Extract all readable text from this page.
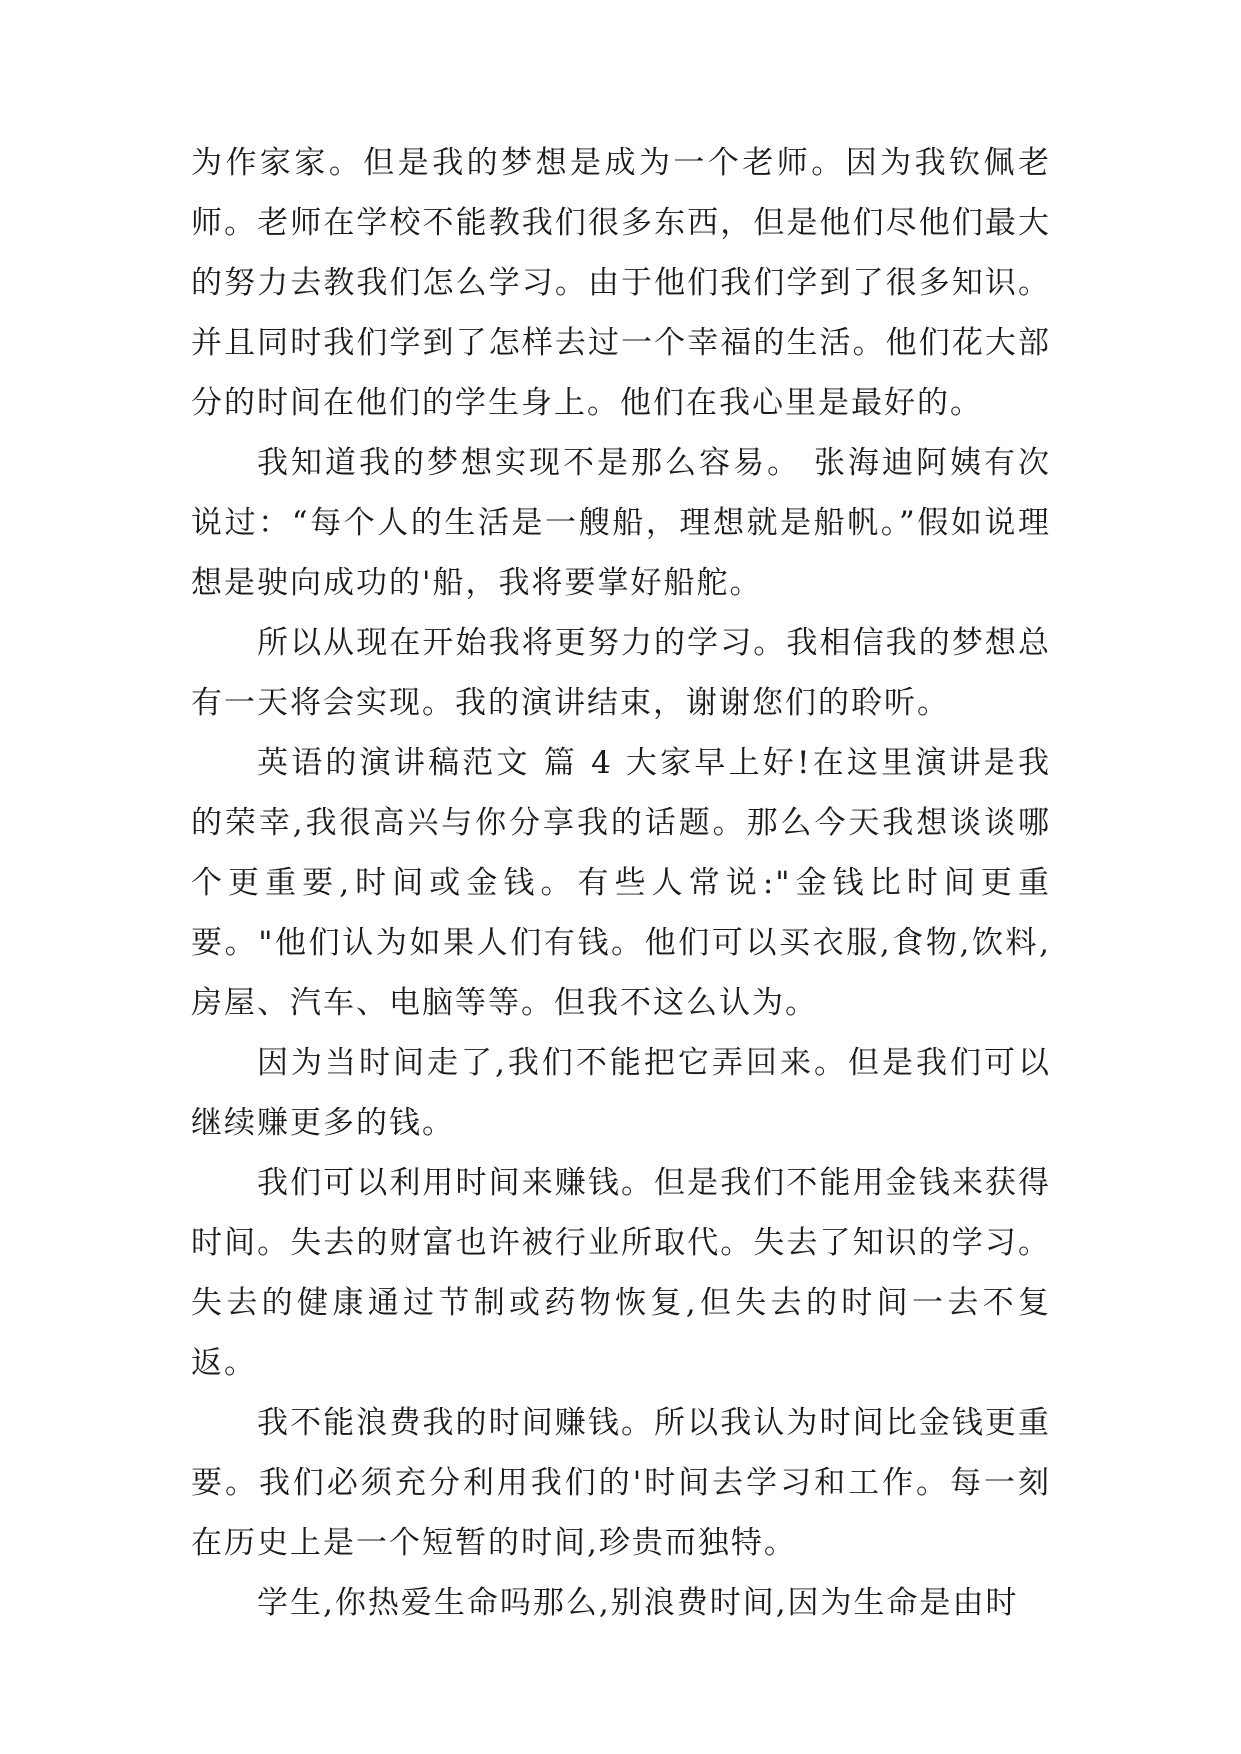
为作家家。但是我的梦想是成为一个老师。因为我钦佩老师。老师在学校不能教我们很多东西，但是他们尽他们最大的努力去教我们怎么学习。由于他们我们学到了很多知识。并且同时我们学到了怎样去过一个幸福的生活。他们花大部分的时间在他们的学生身上。他们在我心里是最好的。

我知道我的梦想实现不是那么容易。 张海迪阿姨有次说过：“每个人的生活是一艘船，理想就是船帆。”假如说理想是驶向成功的'船，我将要掌好船舵。

所以从现在开始我将更努力的学习。我相信我的梦想总有一天将会实现。我的演讲结束，谢谢您们的聆听。

英语的演讲稿范文 篇 4 大家早上好!在这里演讲是我的荣幸,我很高兴与你分享我的话题。那么今天我想谈谈哪个更重要,时间或金钱。有些人常说:"金钱比时间更重要。"他们认为如果人们有钱。他们可以买衣服,食物,饮料,房屋、汽车、电脑等等。但我不这么认为。

因为当时间走了,我们不能把它弄回来。但是我们可以继续赚更多的钱。

我们可以利用时间来赚钱。但是我们不能用金钱来获得时间。失去的财富也许被行业所取代。失去了知识的学习。失去的健康通过节制或药物恢复,但失去的时间一去不复返。

我不能浪费我的时间赚钱。所以我认为时间比金钱更重要。我们必须充分利用我们的'时间去学习和工作。每一刻在历史上是一个短暂的时间,珍贵而独特。

学生,你热爱生命吗那么,别浪费时间,因为生命是由时
